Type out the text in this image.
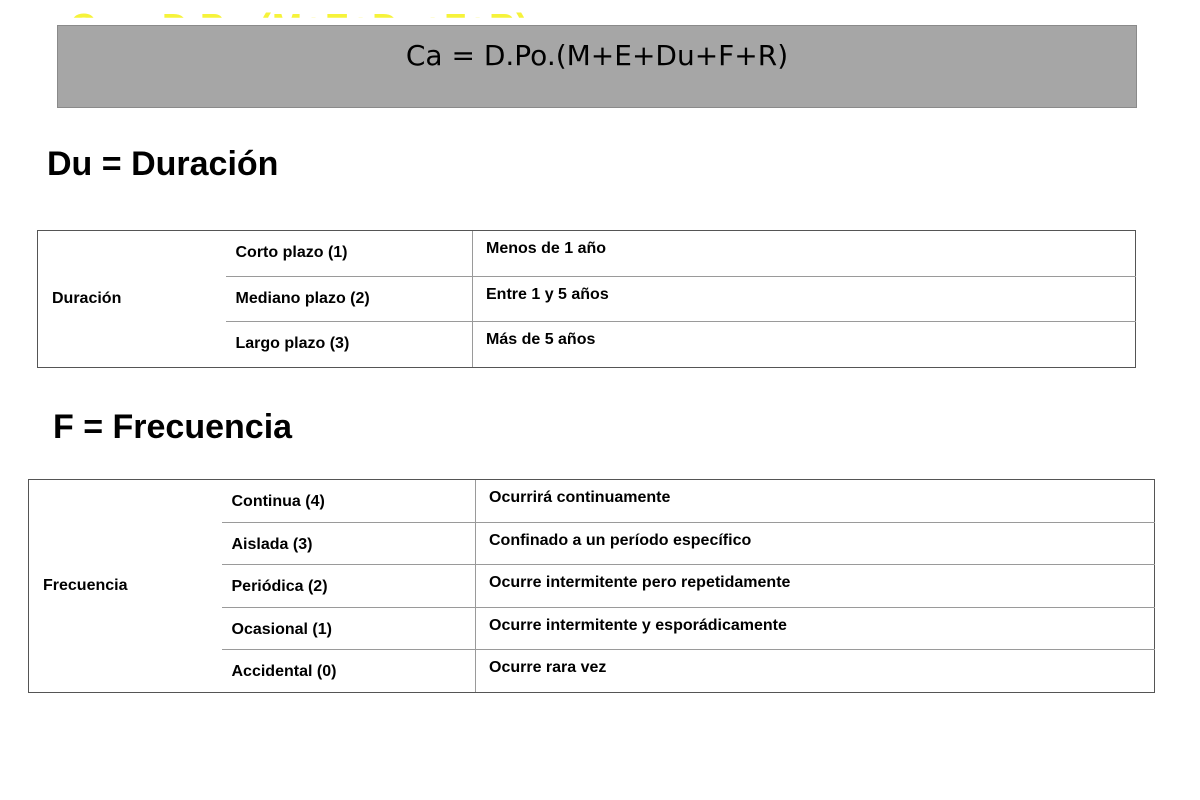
Ca = D.Po.(M+E+Du+F+R)
Du = Duración
Duración	Corto plazo (1)	Menos de 1 año
	Mediano plazo (2)	Entre 1 y 5 años
	Largo plazo (3)	Más de 5 años
F = Frecuencia
Frecuencia	Continua (4)	Ocurrirá continuamente
	Aislada (3)	Confinado a un período específico
	Periódica (2)	Ocurre intermitente pero repetidamente
	Ocasional (1)	Ocurre intermitente y esporádicamente
	Accidental (0)	Ocurre rara vez
